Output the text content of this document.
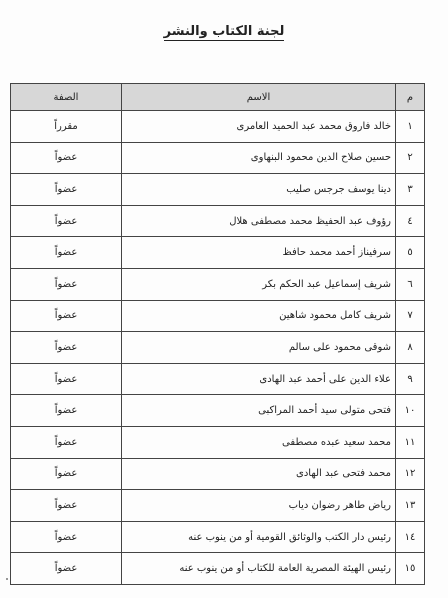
لجنة الكتاب والنشر
م	الاسم	الصفة
١	خالد فاروق محمد عبد الحميد العامرى	مقرراً
٢	حسين صلاح الدين محمود البنهاوى	عضواً
٣	دينا يوسف جرجس صليب	عضواً
٤	رؤوف عبد الحفيظ محمد مصطفى هلال	عضواً
٥	سرفيناز أحمد محمد حافظ	عضواً
٦	شريف إسماعيل عبد الحكم بكر	عضواً
٧	شريف كامل محمود شاهين	عضواً
٨	شوقى محمود على سالم	عضواً
٩	علاء الدين على أحمد عبد الهادى	عضواً
١٠	فتحى متولى سيد أحمد المراكبى	عضواً
١١	محمد سعيد عبده مصطفى	عضواً
١٢	محمد فتحى عبد الهادى	عضواً
١٣	رياض طاهر رضوان دياب	عضواً
١٤	رئيس دار الكتب والوثائق القومية أو من ينوب عنه	عضواً
١٥	رئيس الهيئة المصرية العامة للكتاب أو من ينوب عنه	عضواً
